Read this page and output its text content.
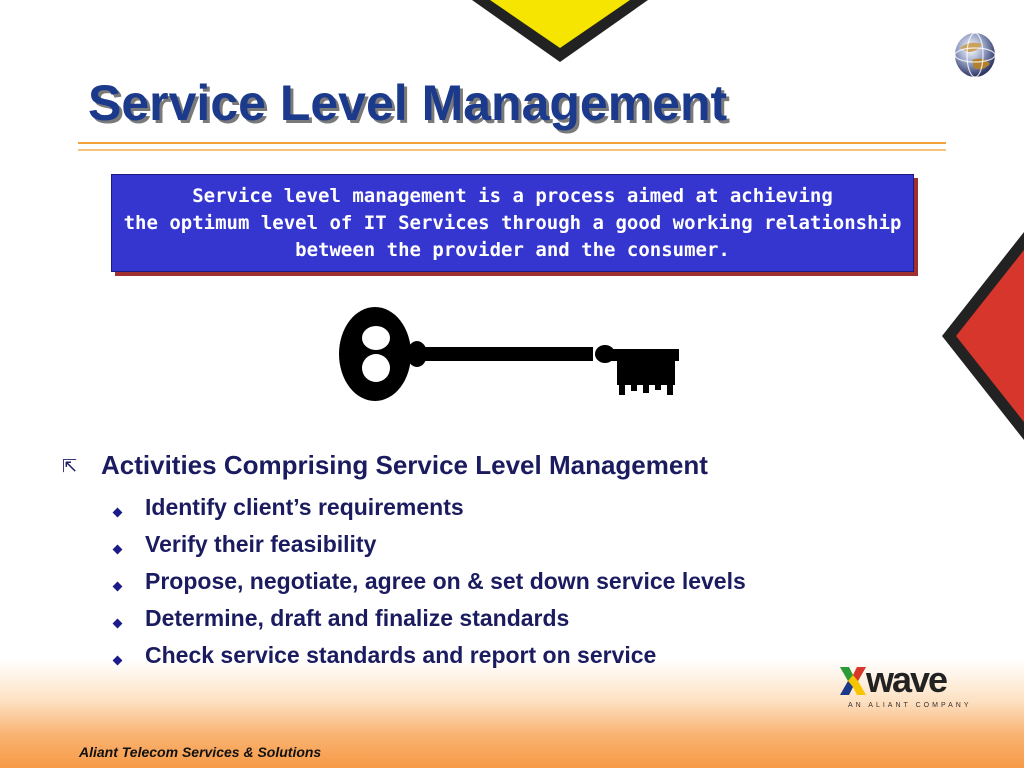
Service Level Management
Service level management is a process aimed at achieving
the optimum level of IT Services through a good working relationship
between the provider and the consumer.
⇱ Activities Comprising Service Level Management
Identify client’s requirements
Verify their feasibility
Propose, negotiate, agree on & set down service levels
Determine, draft and finalize standards
Check service standards and report on service
wave
AN ALIANT COMPANY
Aliant Telecom Services & Solutions
